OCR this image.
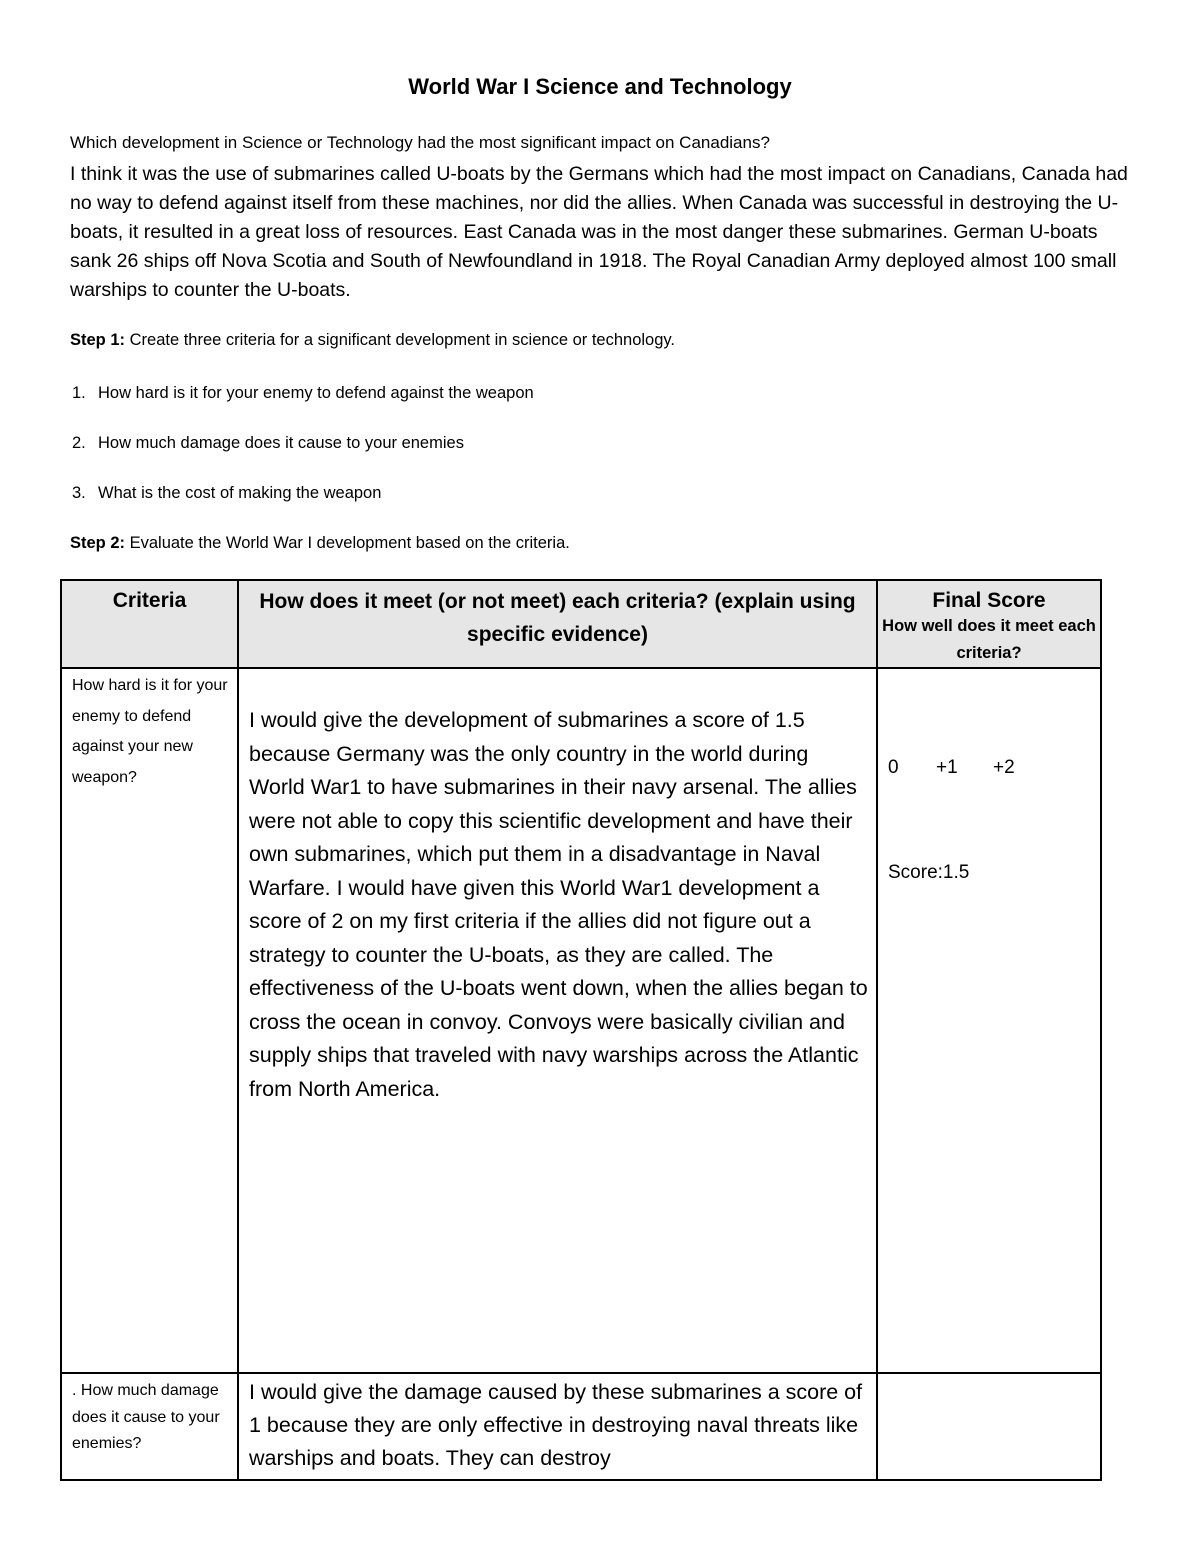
World War I Science and Technology
Which development in Science or Technology had the most significant impact on Canadians?
I think it was the use of submarines called U-boats by the Germans which had the most impact on Canadians, Canada had no way to defend against itself from these machines, nor did the allies. When Canada was successful in destroying the U-boats, it resulted in a great loss of resources. East Canada was in the most danger these submarines. German U-boats sank 26 ships off Nova Scotia and South of Newfoundland in 1918. The Royal Canadian Army deployed almost 100 small warships to counter the U-boats.
Step 1: Create three criteria for a significant development in science or technology.
1. How hard is it for your enemy to defend against the weapon
2. How much damage does it cause to your enemies
3. What is the cost of making the weapon
Step 2: Evaluate the World War I development based on the criteria.
Criteria	How does it meet (or not meet) each criteria? (explain using specific evidence)	Final Score
How well does it meet each criteria?

How hard is it for your enemy to defend against your new weapon?	I would give the development of submarines a score of 1.5 because Germany was the only country in the world during World War1 to have submarines in their navy arsenal. The allies were not able to copy this scientific development and have their own submarines, which put them in a disadvantage in Naval Warfare. I would have given this World War1 development a score of 2 on my first criteria if the allies did not figure out a strategy to counter the U-boats, as they are called. The effectiveness of the U-boats went down, when the allies began to cross the ocean in convoy. Convoys were basically civilian and supply ships that traveled with navy warships across the Atlantic from North America.	0 +1 +2 Score:1.5
. How much damage does it cause to your enemies?	I would give the damage caused by these submarines a score of 1 because they are only effective in destroying naval threats like warships and boats. They can destroy	
